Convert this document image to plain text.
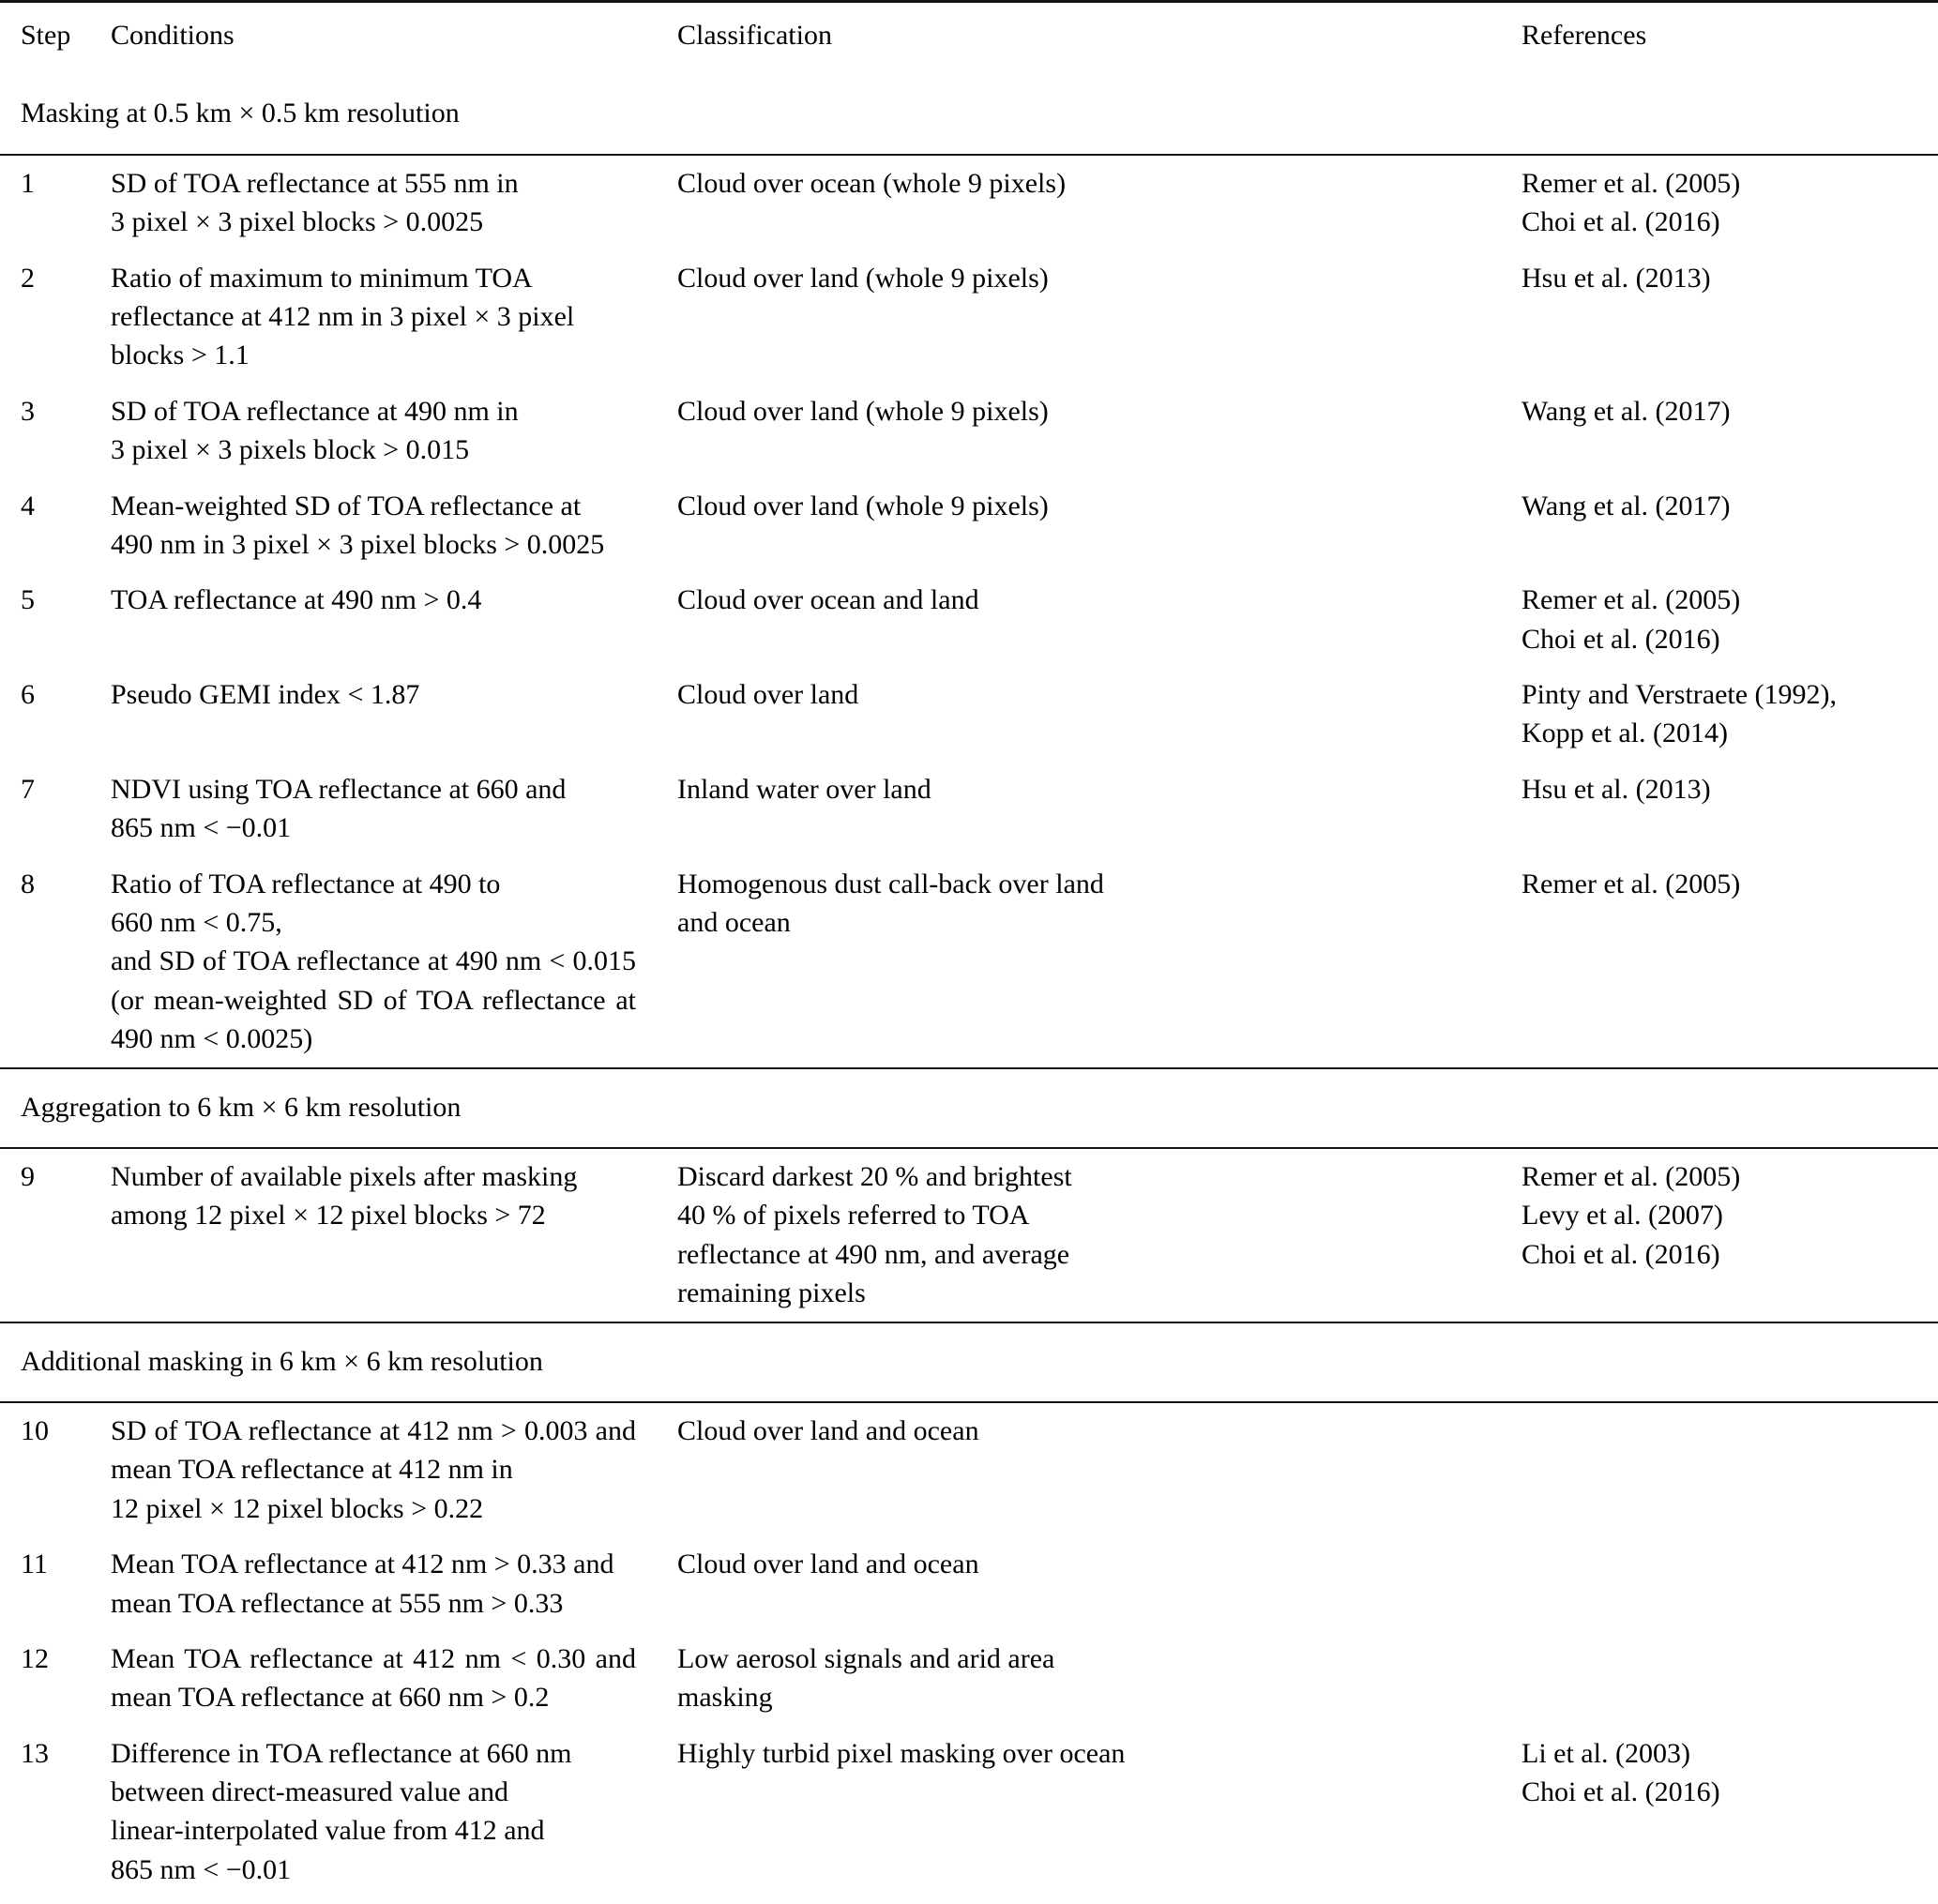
Step	Conditions	Classification	References
Masking at 0.5 km × 0.5 km resolution			

1	SD of TOA reflectance at 555 nm in
3 pixel × 3 pixel blocks > 0.0025	Cloud over ocean (whole 9 pixels)	Remer et al. (2005)
Choi et al. (2016)

2	Ratio of maximum to minimum TOA
reflectance at 412 nm in 3 pixel × 3 pixel
blocks > 1.1	Cloud over land (whole 9 pixels)	Hsu et al. (2013)

3	SD of TOA reflectance at 490 nm in
3 pixel × 3 pixels block > 0.015	Cloud over land (whole 9 pixels)	Wang et al. (2017)

4	Mean-weighted SD of TOA reflectance at
490 nm in 3 pixel × 3 pixel blocks > 0.0025	Cloud over land (whole 9 pixels)	Wang et al. (2017)

5	TOA reflectance at 490 nm > 0.4	Cloud over ocean and land	Remer et al. (2005)
Choi et al. (2016)

6	Pseudo GEMI index < 1.87	Cloud over land	Pinty and Verstraete (1992),
Kopp et al. (2014)

7	NDVI using TOA reflectance at 660 and
865 nm < −0.01	Inland water over land	Hsu et al. (2013)

8	Ratio of TOA reflectance at 490 to
660 nm < 0.75,
and SD of TOA reflectance at 490 nm < 0.015
(or mean-weighted SD of TOA reflectance at
490 nm < 0.0025)	Homogenous dust call-back over land
and ocean	Remer et al. (2005)

Aggregation to 6 km × 6 km resolution			

9	Number of available pixels after masking
among 12 pixel × 12 pixel blocks > 72	Discard darkest 20 % and brightest
40 % of pixels referred to TOA
reflectance at 490 nm, and average
remaining pixels	Remer et al. (2005)
Levy et al. (2007)
Choi et al. (2016)

Additional masking in 6 km × 6 km resolution			

10	SD of TOA reflectance at 412 nm > 0.003 and
mean TOA reflectance at 412 nm in
12 pixel × 12 pixel blocks > 0.22	Cloud over land and ocean	

11	Mean TOA reflectance at 412 nm > 0.33 and
mean TOA reflectance at 555 nm > 0.33	Cloud over land and ocean	

12	Mean TOA reflectance at 412 nm < 0.30 and
mean TOA reflectance at 660 nm > 0.2	Low aerosol signals and arid area
masking	

13	Difference in TOA reflectance at 660 nm
between direct-measured value and
linear-interpolated value from 412 and
865 nm < −0.01	Highly turbid pixel masking over ocean	Li et al. (2003)
Choi et al. (2016)
